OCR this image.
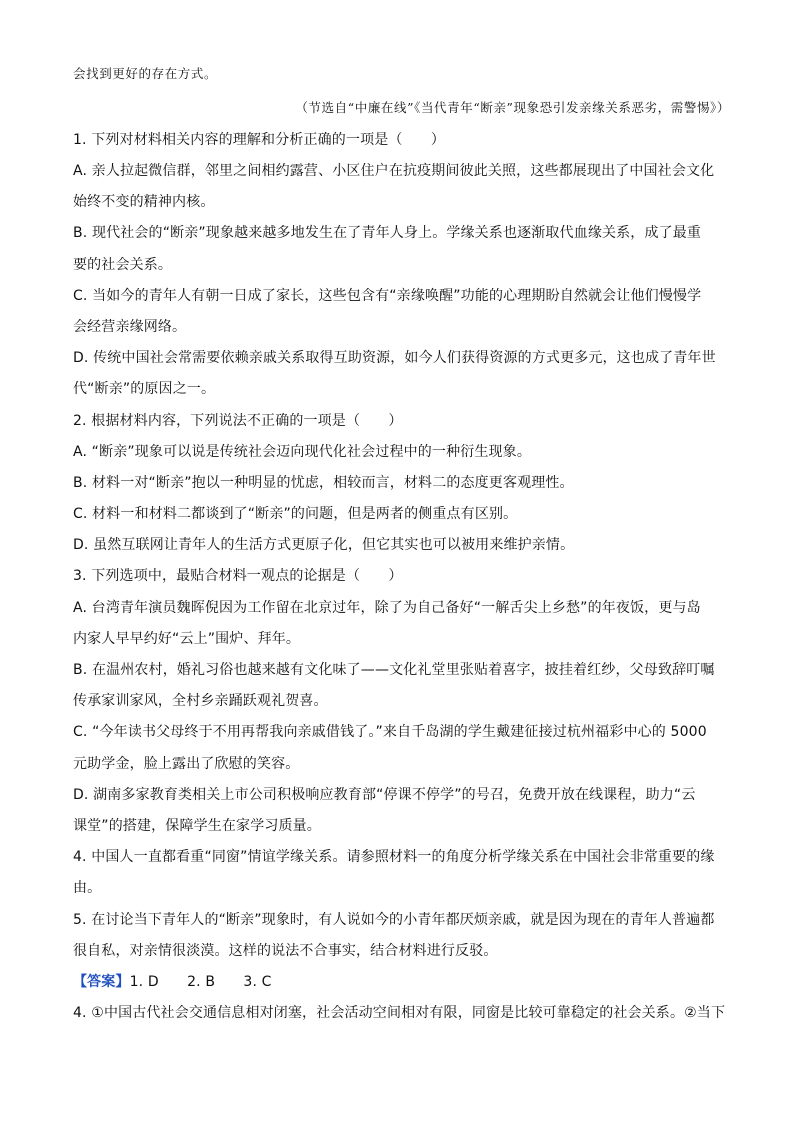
会找到更好的存在方式。
（节选自“中廉在线”《当代青年“断亲”现象恐引发亲缘关系恶劣，需警惕》）
1. 下列对材料相关内容的理解和分析正确的一项是（　　）
A. 亲人拉起微信群，邻里之间相约露营、小区住户在抗疫期间彼此关照，这些都展现出了中国社会文化
始终不变的精神内核。
B. 现代社会的“断亲”现象越来越多地发生在了青年人身上。学缘关系也逐渐取代血缘关系，成了最重
要的社会关系。
C. 当如今的青年人有朝一日成了家长，这些包含有“亲缘唤醒”功能的心理期盼自然就会让他们慢慢学
会经营亲缘网络。
D. 传统中国社会常需要依赖亲戚关系取得互助资源，如今人们获得资源的方式更多元，这也成了青年世
代“断亲”的原因之一。
2. 根据材料内容，下列说法不正确的一项是（　　）
A. “断亲”现象可以说是传统社会迈向现代化社会过程中的一种衍生现象。
B. 材料一对“断亲”抱以一种明显的忧虑，相较而言，材料二的态度更客观理性。
C. 材料一和材料二都谈到了“断亲”的问题，但是两者的侧重点有区别。
D. 虽然互联网让青年人的生活方式更原子化，但它其实也可以被用来维护亲情。
3. 下列选项中，最贴合材料一观点的论据是（　　）
A. 台湾青年演员魏晖倪因为工作留在北京过年，除了为自己备好“一解舌尖上乡愁”的年夜饭，更与岛
内家人早早约好“云上”围炉、拜年。
B. 在温州农村，婚礼习俗也越来越有文化味了——文化礼堂里张贴着喜字，披挂着红纱，父母致辞叮嘱
传承家训家风，全村乡亲踊跃观礼贺喜。
C. “今年读书父母终于不用再帮我向亲戚借钱了。”来自千岛湖的学生戴建征接过杭州福彩中心的 5000
元助学金，脸上露出了欣慰的笑容。
D. 湖南多家教育类相关上市公司积极响应教育部“停课不停学”的号召，免费开放在线课程，助力“云
课堂”的搭建，保障学生在家学习质量。
4. 中国人一直都看重“同窗”情谊学缘关系。请参照材料一的角度分析学缘关系在中国社会非常重要的缘
由。
5. 在讨论当下青年人的“断亲”现象时，有人说如今的小青年都厌烦亲戚，就是因为现在的青年人普遍都
很自私，对亲情很淡漠。这样的说法不合事实，结合材料进行反驳。
【答案】1. D　　2. B　　3. C
4. ①中国古代社会交通信息相对闭塞，社会活动空间相对有限，同窗是比较可靠稳定的社会关系。②当下
